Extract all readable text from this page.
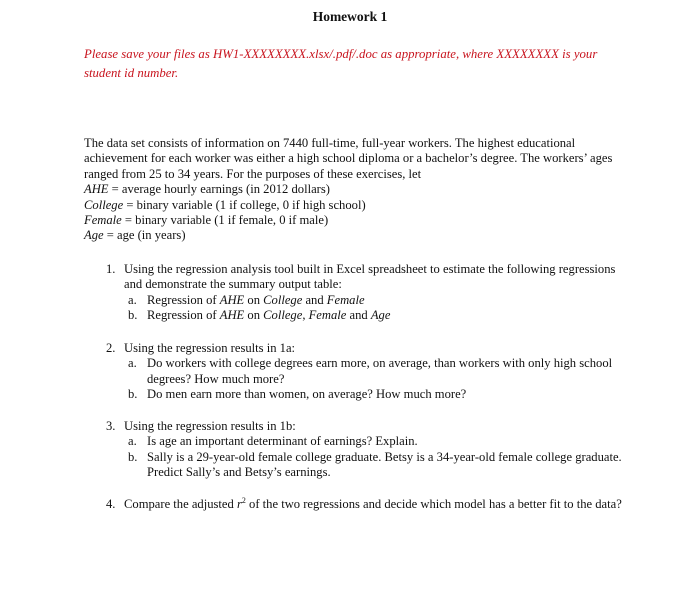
Homework 1
Please save your files as HW1-XXXXXXXX.xlsx/.pdf/.doc as appropriate, where XXXXXXXX is your student id number.

The data set consists of information on 7440 full-time, full-year workers. The highest educational achievement for each worker was either a high school diploma or a bachelor’s degree. The workers’ ages ranged from 25 to 34 years. For the purposes of these exercises, let

AHE = average hourly earnings (in 2012 dollars)
College = binary variable (1 if college, 0 if high school)
Female = binary variable (1 if female, 0 if male)
Age = age (in years)
1. Using the regression analysis tool built in Excel spreadsheet to estimate the following regressions and demonstrate the summary output table:
a. Regression of AHE on College and Female
b. Regression of AHE on College, Female and Age
2. Using the regression results in 1a:
a. Do workers with college degrees earn more, on average, than workers with only high school degrees? How much more?
b. Do men earn more than women, on average? How much more?
3. Using the regression results in 1b:
a. Is age an important determinant of earnings? Explain.
b. Sally is a 29-year-old female college graduate. Betsy is a 34-year-old female college graduate. Predict Sally’s and Betsy’s earnings.
4. Compare the adjusted $r^2$ of the two regressions and decide which model has a better fit to the data?
